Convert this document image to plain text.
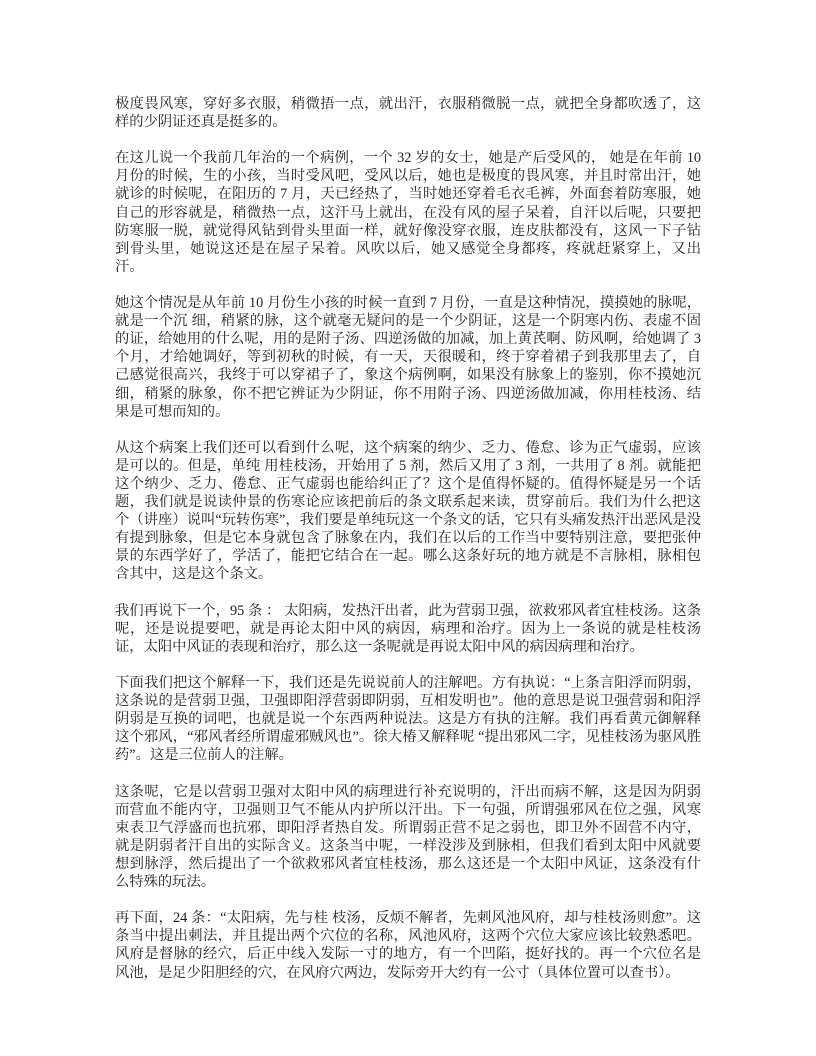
极度畏风寒，穿好多衣服，稍微捂一点，就出汗，衣服稍微脱一点，就把全身都吹透了，这样的少阴证还真是挺多的。

在这儿说一个我前几年治的一个病例，一个 32 岁的女士，她是产后受风的， 她是在年前 10 月份的时候，生的小孩，当时受风吧，受风以后，她也是极度的畏风寒，并且时常出汗，她就诊的时候呢，在阳历的 7 月，天已经热了，当时她还穿着毛衣毛裤，外面套着防寒服，她自己的形容就是，稍微热一点，这汗马上就出，在没有风的屋子呆着，自汗以后呢，只要把防寒服一脱，就觉得风钻到骨头里面一样，就好像没穿衣服，连皮肤都没有，这风一下子钻到骨头里，她说这还是在屋子呆着。风吹以后，她又感觉全身都疼，疼就赶紧穿上，又出汗。

她这个情况是从年前 10 月份生小孩的时候一直到 7 月份，一直是这种情况，摸摸她的脉呢，就是一个沉 细，稍紧的脉，这个就毫无疑问的是一个少阴证，这是一个阴寒内伤、表虚不固的证，给她用的什么呢，用的是附子汤、四逆汤做的加减，加上黄芪啊、防风啊，给她调了 3 个月，才给她调好，等到初秋的时候，有一天，天很暖和，终于穿着裙子到我那里去了，自己感觉很高兴，我终于可以穿裙子了，象这个病例啊，如果没有脉象上的鉴别，你不摸她沉细，稍紧的脉象，你不把它辨证为少阴证，你不用附子汤、四逆汤做加减，你用桂枝汤、结果是可想而知的。

从这个病案上我们还可以看到什么呢，这个病案的纳少、乏力、倦怠、诊为正气虚弱，应该是可以的。但是，单纯 用桂枝汤，开始用了 5 剂，然后又用了 3 剂，一共用了 8 剂。就能把这个纳少、乏力、倦怠、正气虚弱也能给纠正了？这个是值得怀疑的。值得怀疑是另一个话题，我们就是说读仲景的伤寒论应该把前后的条文联系起来读，贯穿前后。我们为什么把这个（讲座）说叫“玩转伤寒”，我们要是单纯玩这一个条文的话，它只有头痛发热汗出恶风是没有提到脉象，但是它本身就包含了脉象在内，我们在以后的工作当中要特别注意，要把张仲景的东西学好了，学活了，能把它结合在一起。哪么这条好玩的地方就是不言脉相，脉相包含其中，这是这个条文。

我们再说下一个，95 条 ： 太阳病，发热汗出者，此为营弱卫强，欲救邪风者宜桂枝汤。这条呢，还是说提要吧，就是再论太阳中风的病因，病理和治疗。因为上一条说的就是桂枝汤证，太阳中风证的表现和治疗，那么这一条呢就是再说太阳中风的病因病理和治疗。

下面我们把这个解释一下，我们还是先说说前人的注解吧。方有执说：“上条言阳浮而阴弱，这条说的是营弱卫强，卫强即阳浮营弱即阴弱，互相发明也”。他的意思是说卫强营弱和阳浮阴弱是互换的词吧，也就是说一个东西两种说法。这是方有执的注解。我们再看黄元御解释这个邪风，“邪风者经所谓虚邪贼风也”。徐大椿又解释呢 “提出邪风二字，见桂枝汤为驱风胜药”。这是三位前人的注解。

这条呢，它是以营弱卫强对太阳中风的病理进行补充说明的，汗出而病不解，这是因为阴弱而营血不能内守，卫强则卫气不能从内护所以汗出。下一句强，所谓强邪风在位之强，风寒束表卫气浮盛而也抗邪，即阳浮者热自发。所谓弱正营不足之弱也，即卫外不固营不内守，就是阴弱者汗自出的实际含义。这条当中呢，一样没涉及到脉相，但我们看到太阳中风就要想到脉浮，然后提出了一个欲救邪风者宜桂枝汤，那么这还是一个太阳中风证，这条没有什么特殊的玩法。

再下面，24 条：“太阳病，先与桂 枝汤，反烦不解者，先刺风池风府，却与桂枝汤则愈”。这条当中提出刺法，并且提出两个穴位的名称，风池风府，这两个穴位大家应该比较熟悉吧。风府是督脉的经穴，后正中线入发际一寸的地方，有一个凹陷，挺好找的。再一个穴位名是风池，是足少阳胆经的穴，在风府穴两边，发际旁开大约有一公寸（具体位置可以查书）。
